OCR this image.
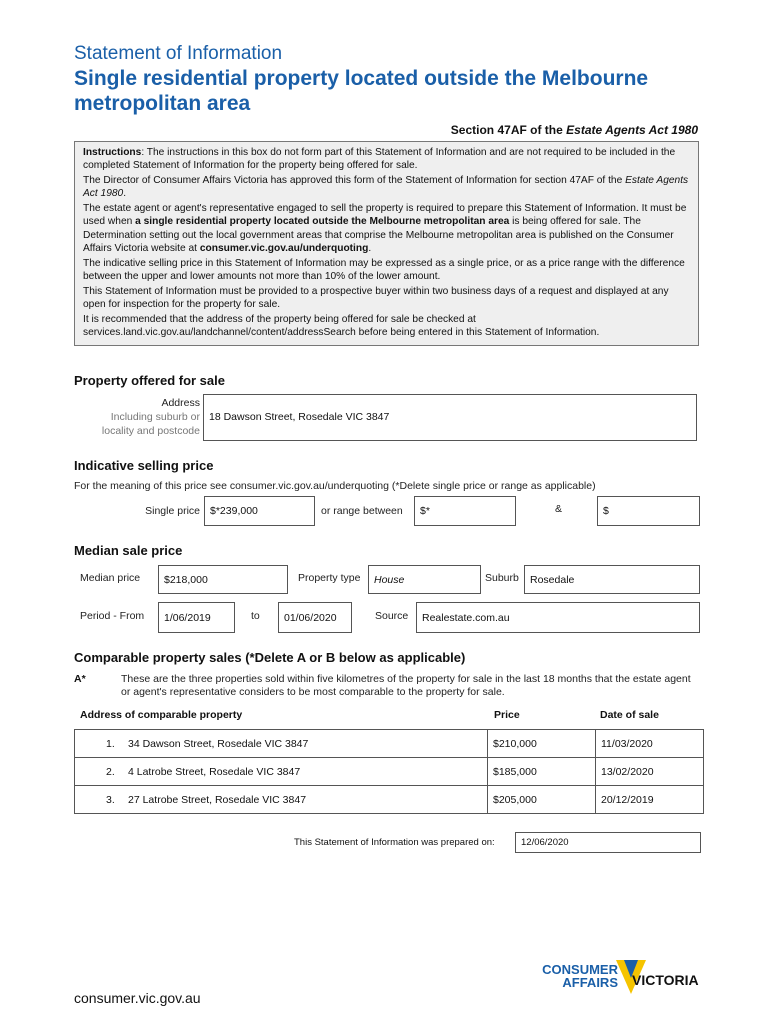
Statement of Information
Single residential property located outside the Melbourne metropolitan area
Section 47AF of the Estate Agents Act 1980

Instructions: The instructions in this box do not form part of this Statement of Information and are not required to be included in the completed Statement of Information for the property being offered for sale.

The Director of Consumer Affairs Victoria has approved this form of the Statement of Information for section 47AF of the Estate Agents Act 1980.

The estate agent or agent's representative engaged to sell the property is required to prepare this Statement of Information. It must be used when a single residential property located outside the Melbourne metropolitan area is being offered for sale. The Determination setting out the local government areas that comprise the Melbourne metropolitan area is published on the Consumer Affairs Victoria website at consumer.vic.gov.au/underquoting.

The indicative selling price in this Statement of Information may be expressed as a single price, or as a price range with the difference between the upper and lower amounts not more than 10% of the lower amount.

This Statement of Information must be provided to a prospective buyer within two business days of a request and displayed at any open for inspection for the property for sale.

It is recommended that the address of the property being offered for sale be checked at services.land.vic.gov.au/landchannel/content/addressSearch before being entered in this Statement of Information.

Property offered for sale
Address
Including suburb or
locality and postcode
18 Dawson Street, Rosedale VIC 3847
Indicative selling price
For the meaning of this price see consumer.vic.gov.au/underquoting (*Delete single price or range as applicable)
Single price $*239,000	or range between	$*	&	$
Median sale price
Median price	$218,000	Property type	House	Suburb	Rosedale
Period - From	1/06/2019	to	01/06/2020	Source	Realestate.com.au
Comparable property sales (*Delete A or B below as applicable)
A*	These are the three properties sold within five kilometres of the property for sale in the last 18 months that the estate agent or agent's representative considers to be most comparable to the property for sale.
Address of comparable property	Price	Date of sale
1.	34 Dawson Street, Rosedale VIC 3847	$210,000	11/03/2020
2.	4 Latrobe Street, Rosedale VIC 3847	$185,000	13/02/2020
3.	27 Latrobe Street, Rosedale VIC 3847	$205,000	20/12/2019
This Statement of Information was prepared on:	12/06/2020
CONSUMER
AFFAIRS VICTORIA
consumer.vic.gov.au
